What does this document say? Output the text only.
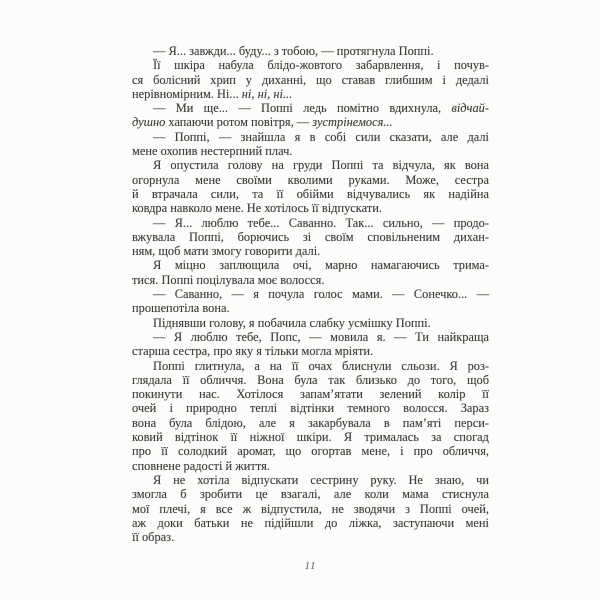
— Я... завжди... буду... з тобою, — протягнула Поппі.
Її шкіра набула блідо-жовтого забарвлення, і почув-
ся болісний хрип у диханні, що ставав глибшим і дедалі
нерівномірним. Ні... ні, ні, ні...
— Ми ще... — Поппі ледь помітно вдихнула, відчай-
душно хапаючи ротом повітря, — зустрінемося...
— Поппі, — знайшла я в собі сили сказати, але далі
мене охопив нестерпний плач.
Я опустила голову на груди Поппі та відчула, як вона
огорнула мене своїми кволими руками. Може, сестра
й втрачала сили, та її обійми відчувались як надійна
ковдра навколо мене. Не хотілось її відпускати.
— Я... люблю тебе... Саванно. Так... сильно, — продо-
вжувала Поппі, борючись зі своїм сповільненим дихан-
ням, щоб мати змогу говорити далі.
Я міцно заплющила очі, марно намагаючись трима-
тися. Поппі поцілувала моє волосся.
— Саванно, — я почула голос мами. — Сонечко... —
прошепотіла вона.
Піднявши голову, я побачила слабку усмішку Поппі.
— Я люблю тебе, Попс, — мовила я. — Ти найкраща
старша сестра, про яку я тільки могла мріяти.
Поппі глитнула, а на її очах блиснули сльози. Я роз-
глядала її обличчя. Вона була так близько до того, щоб
покинути нас. Хотілося запам’ятати зелений колір її
очей і природно теплі відтінки темного волосся. Зараз
вона була блідою, але я закарбувала в пам’яті перси-
ковий відтінок її ніжної шкіри. Я трималась за спогад
про її солодкий аромат, що огортав мене, і про обличчя,
сповнене радості й життя.
Я не хотіла відпускати сестрину руку. Не знаю, чи
змогла б зробити це взагалі, але коли мама стиснула
мої плечі, я все ж відпустила, не зводячи з Поппі очей,
аж доки батьки не підійшли до ліжка, заступаючи мені
її образ.
11
